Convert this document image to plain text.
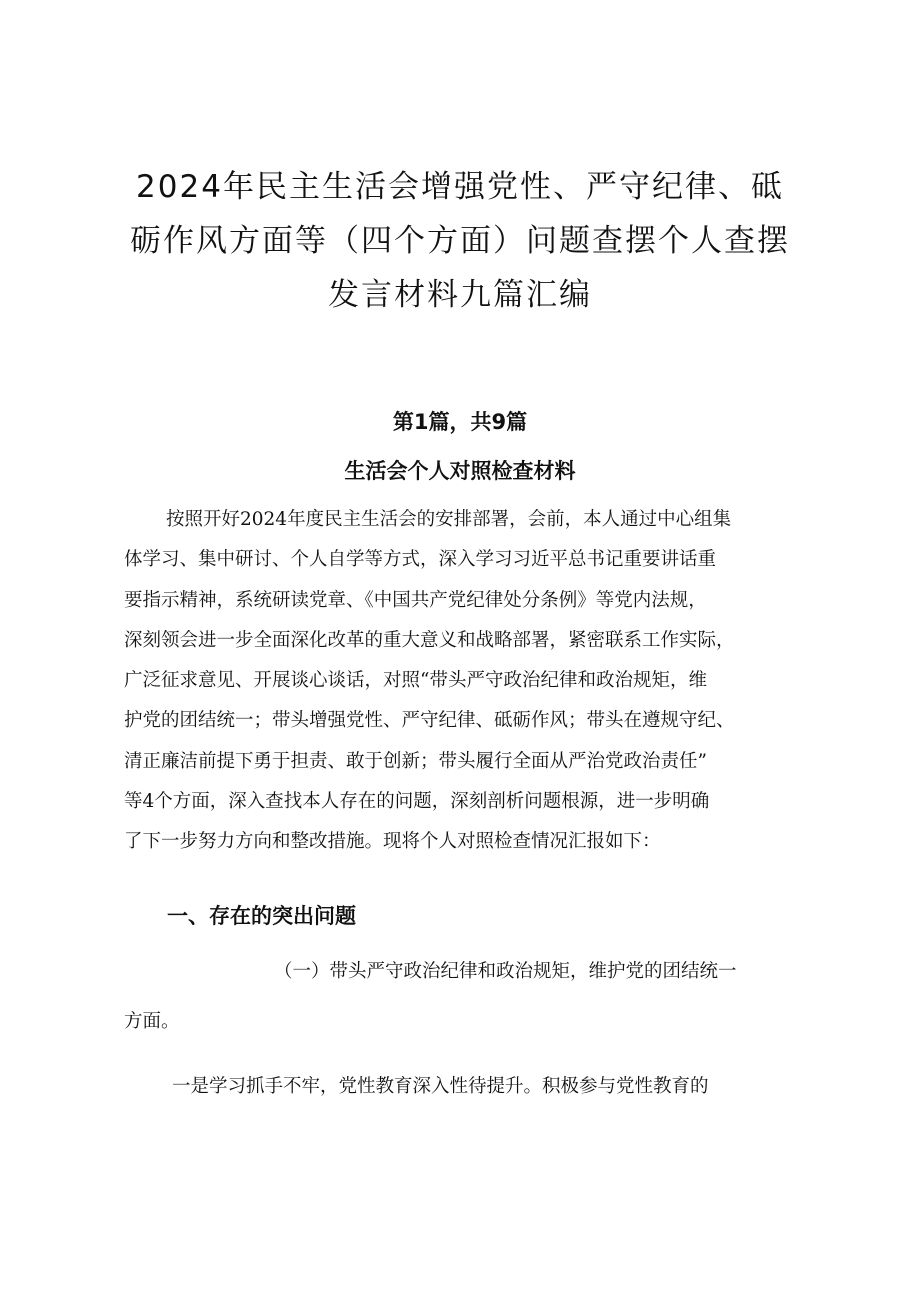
2024年民主生活会增强党性、严守纪律、砥
砺作风方面等（四个方面）问题查摆个人查摆
发言材料九篇汇编

第1篇，共9篇

生活会个人对照检查材料

按照开好2024年度民主生活会的安排部署，会前，本人通过中心组集
体学习、集中研讨、个人自学等方式，深入学习习近平总书记重要讲话重
要指示精神，系统研读党章、《中国共产党纪律处分条例》等党内法规，
深刻领会进一步全面深化改革的重大意义和战略部署，紧密联系工作实际，
广泛征求意见、开展谈心谈话，对照“带头严守政治纪律和政治规矩，维
护党的团结统一；带头增强党性、严守纪律、砥砺作风；带头在遵规守纪、
清正廉洁前提下勇于担责、敢于创新；带头履行全面从严治党政治责任”
等4个方面，深入查找本人存在的问题，深刻剖析问题根源，进一步明确
了下一步努力方向和整改措施。现将个人对照检查情况汇报如下：
一、存在的突出问题
（一）带头严守政治纪律和政治规矩，维护党的团结统一
方面。

一是学习抓手不牢，党性教育深入性待提升。积极参与党性教育的
